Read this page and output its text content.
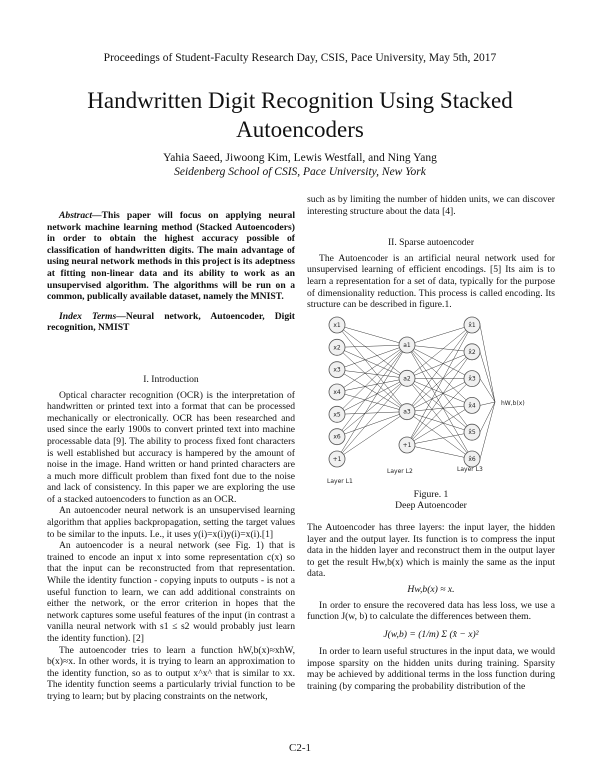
Proceedings of Student-Faculty Research Day, CSIS, Pace University, May 5th, 2017
Handwritten Digit Recognition Using Stacked Autoencoders
Yahia Saeed, Jiwoong Kim, Lewis Westfall, and Ning Yang
Seidenberg School of CSIS, Pace University, New York

Abstract—This paper will focus on applying neural network machine learning method (Stacked Autoencoders) in order to obtain the highest accuracy possible of classification of handwritten digits. The main advantage of using neural network methods in this project is its adeptness at fitting non-linear data and its ability to work as an unsupervised algorithm. The algorithms will be run on a common, publically available dataset, namely the MNIST.

Index Terms—Neural network, Autoencoder, Digit recognition, NMIST

I. Introduction

Optical character recognition (OCR) is the interpretation of handwritten or printed text into a format that can be processed mechanically or electronically. OCR has been researched and used since the early 1900s to convert printed text into machine processable data [9]. The ability to process fixed font characters is well established but accuracy is hampered by the amount of noise in the image. Hand written or hand printed characters are a much more difficult problem than fixed font due to the noise and lack of consistency. In this paper we are exploring the use of a stacked autoencoders to function as an OCR.

An autoencoder neural network is an unsupervised learning algorithm that applies backpropagation, setting the target values to be similar to the inputs. I.e., it uses y(i)=x(i)y(i)=x(i).[1]

An autoencoder is a neural network (see Fig. 1) that is trained to encode an input x into some representation c(x) so that the input can be reconstructed from that representation. While the identity function - copying inputs to outputs - is not a useful function to learn, we can add additional constraints on either the network, or the error criterion in hopes that the network captures some useful features of the input (in contrast a vanilla neural network with s1 ≤ s2 would probably just learn the identity function). [2]

The autoencoder tries to learn a function hW,b(x)≈xhW, b(x)≈x. In other words, it is trying to learn an approximation to the identity function, so as to output x^x^ that is similar to xx. The identity function seems a particularly trivial function to be trying to learn; but by placing constraints on the network,

such as by limiting the number of hidden units, we can discover interesting structure about the data [4].

II. Sparse autoencoder

The Autoencoder is an artificial neural network used for unsupervised learning of efficient encodings. [5] Its aim is to learn a representation for a set of data, typically for the purpose of dimensionality reduction. This process is called encoding. Its structure can be described in figure.1.

x1
x2
x3
x4
x5
x6
+1
a1
a2
a3
+1
x̂1
x̂2
x̂3
x̂4
x̂5
x̂6
hW,b(x)
Layer L1
Layer L2	Layer L3

Figure. 1

Deep Autoencoder

The Autoencoder has three layers: the input layer, the hidden layer and the output layer. Its function is to compress the input data in the hidden layer and reconstruct them in the output layer to get the result Hw,b(x) which is mainly the same as the input data.

Hw,b(x) ≈ x.

In order to ensure the recovered data has less loss, we use a function J(w, b) to calculate the differences between them.

J(w,b) = (1/m) Σ (x̂ − x)²

In order to learn useful structures in the input data, we would impose sparsity on the hidden units during training. Sparsity may be achieved by additional terms in the loss function during training (by comparing the probability distribution of the

C2-1
